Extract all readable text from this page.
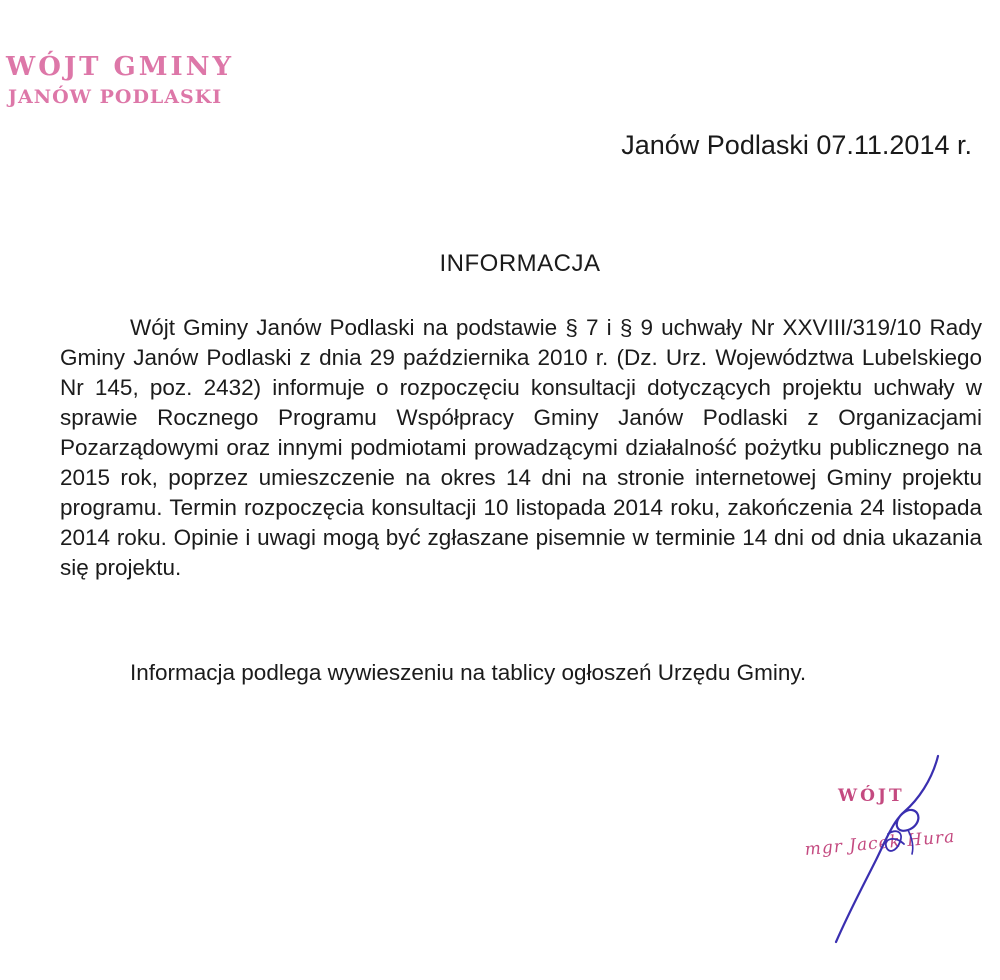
WÓJT GMINY
JANÓW PODLASKI
Janów Podlaski 07.11.2014 r.
INFORMACJA

Wójt Gminy Janów Podlaski na podstawie § 7 i § 9 uchwały Nr XXVIII/319/10 Rady Gminy Janów Podlaski z dnia 29 października 2010 r. (Dz. Urz. Województwa Lubelskiego Nr 145, poz. 2432) informuje o rozpoczęciu konsultacji dotyczących projektu uchwały w sprawie Rocznego Programu Współpracy Gminy Janów Podlaski z Organizacjami Pozarządowymi oraz innymi podmiotami prowadzącymi działalność pożytku publicznego na 2015 rok, poprzez umieszczenie na okres 14 dni na stronie internetowej Gminy projektu programu. Termin rozpoczęcia konsultacji 10 listopada 2014 roku, zakończenia 24 listopada 2014 roku. Opinie i uwagi mogą być zgłaszane pisemnie w terminie 14 dni od dnia ukazania się projektu.

Informacja podlega wywieszeniu na tablicy ogłoszeń Urzędu Gminy.
WÓJT
mgr Jacek Hura
